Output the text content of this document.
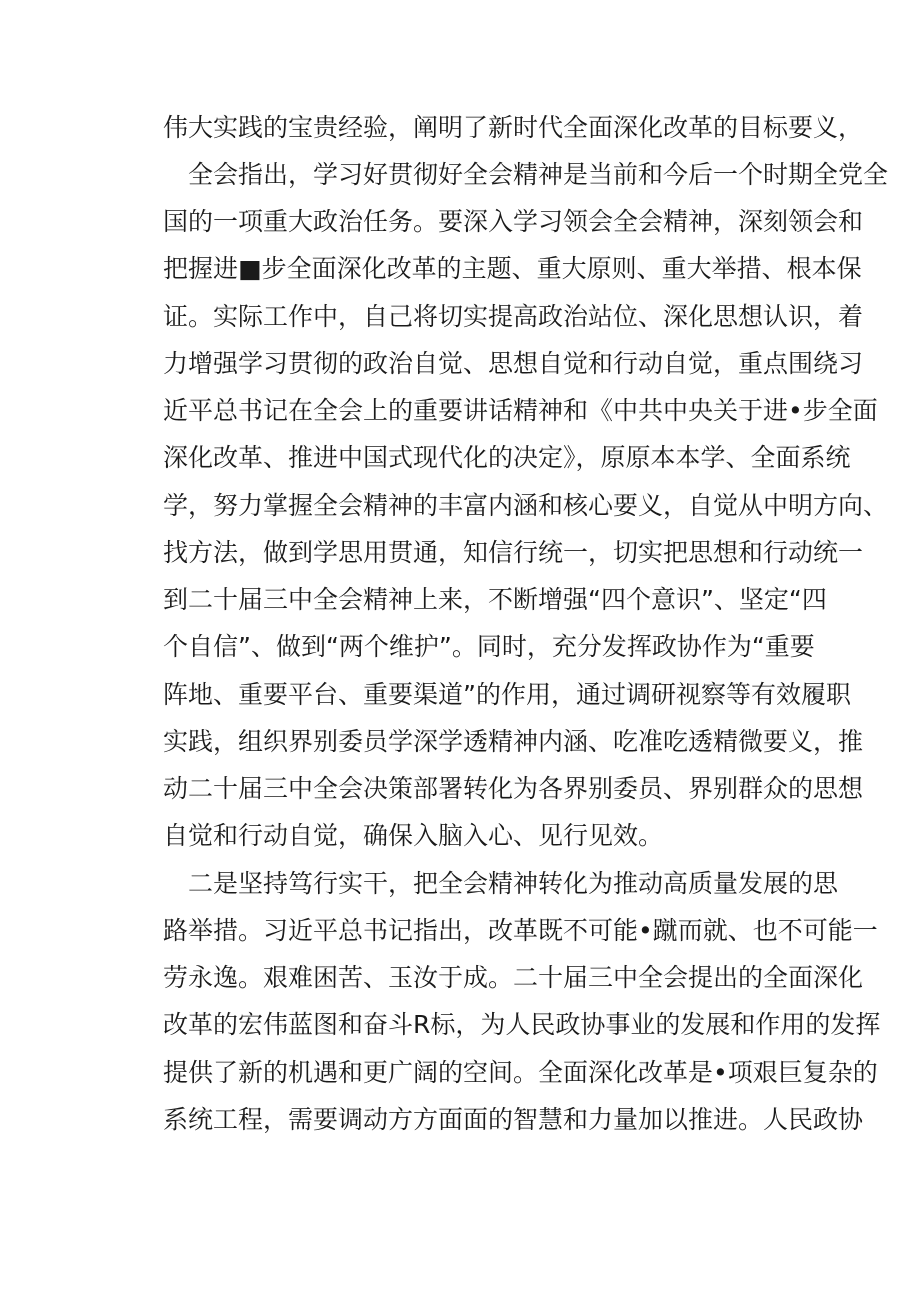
伟大实践的宝贵经验，阐明了新时代全面深化改革的目标要义，
全会指出，学习好贯彻好全会精神是当前和今后一个时期全党全
国的一项重大政治任务。要深入学习领会全会精神，深刻领会和
把握进■步全面深化改革的主题、重大原则、重大举措、根本保
证。实际工作中，自己将切实提高政治站位、深化思想认识，着
力增强学习贯彻的政治自觉、思想自觉和行动自觉，重点围绕习
近平总书记在全会上的重要讲话精神和《中共中央关于进•步全面
深化改革、推进中国式现代化的决定》，原原本本学、全面系统
学，努力掌握全会精神的丰富内涵和核心要义，自觉从中明方向、
找方法，做到学思用贯通，知信行统一，切实把思想和行动统一
到二十届三中全会精神上来，不断增强“四个意识”、坚定“四
个自信”、做到“两个维护”。同时，充分发挥政协作为“重要
阵地、重要平台、重要渠道”的作用，通过调研视察等有效履职
实践，组织界别委员学深学透精神内涵、吃准吃透精微要义，推
动二十届三中全会决策部署转化为各界别委员、界别群众的思想
自觉和行动自觉，确保入脑入心、见行见效。
二是坚持笃行实干，把全会精神转化为推动高质量发展的思
路举措。习近平总书记指出，改革既不可能•蹴而就、也不可能一
劳永逸。艰难困苦、玉汝于成。二十届三中全会提出的全面深化
改革的宏伟蓝图和奋斗R标，为人民政协事业的发展和作用的发挥
提供了新的机遇和更广阔的空间。全面深化改革是•项艰巨复杂的
系统工程，需要调动方方面面的智慧和力量加以推进。人民政协
